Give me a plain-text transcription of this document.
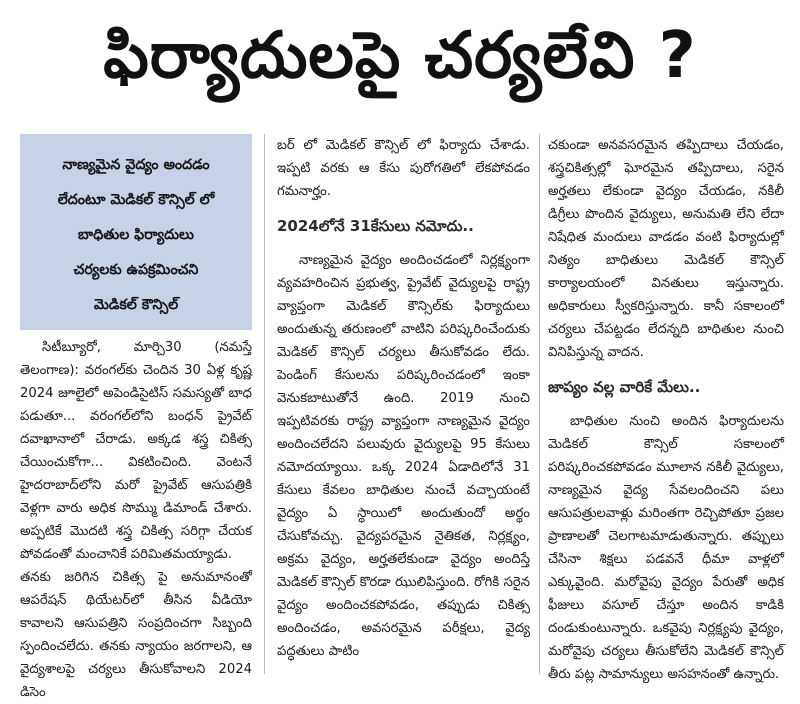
ఫిర్యాదులపై చర్యలేవి ?
నాణ్యమైన వైద్యం అందడం
లేదంటూ మెడికల్ కౌన్సిల్ లో
బాధితుల ఫిర్యాదులు
చర్యలకు ఉపక్రమించని
మెడికల్ కౌన్సిల్

సిటీబ్యూరో, మార్చి30 (నమస్తే తెలంగాణ): వరంగల్‌కు చెందిన 30 ఏళ్ల కృష్ణ 2024 జూలైలో అపెండిసైటిస్ సమస్యతో బాధ పడుతూ... వరంగల్‌లోని బంధన్ ప్రైవేట్ దవాఖానాలో చేరాడు. అక్కడ శస్త్ర చికిత్స చేయించుకోగా... వికటించింది. వెంటనే హైదరాబాద్‌లోని మరో ప్రైవేట్ ఆసుపత్రికి వెళ్లగా వారు అధిక సొమ్ము డిమాండ్ చేశారు. అప్పటికే మొదటి శస్త్ర చికిత్స సరిగ్గా చేయక పోవడంతో మంచానికే పరిమితమయ్యాడు.

తనకు జరిగిన చికిత్స పై అనుమానంతో ఆపరేషన్ థియేటర్‌లో తీసిన వీడియో కావాలని ఆసుపత్రిని సంప్రదించగా సిబ్బంది స్పందించలేదు. తనకు న్యాయం జరగాలని, ఆ వైద్యశాలపై చర్యలు తీసుకోవాలని 2024 డిసెం

బర్ లో మెడికల్ కౌన్సిల్ లో ఫిర్యాదు చేశాడు. ఇప్పటి వరకు ఆ కేసు పురోగతిలో లేకపోవడం గమనార్హం.

2024లోనే 31కేసులు నమోదు..

నాణ్యమైన వైద్యం అందించడంలో నిర్లక్ష్యంగా వ్యవహరించిన ప్రభుత్వ, ప్రైవేట్ వైద్యులపై రాష్ట్ర వ్యాప్తంగా మెడికల్ కౌన్సిల్‌కు ఫిర్యాదులు అందుతున్న తరుణంలో వాటిని పరిష్కరించేందుకు మెడికల్ కౌన్సిల్ చర్యలు తీసుకోవడం లేదు. పెండింగ్ కేసులను పరిష్కరించడంలో ఇంకా వెనుకబాటుతోనే ఉంది. 2019 నుంచి ఇప్పటివరకు రాష్ట్ర వ్యాప్తంగా నాణ్యమైన వైద్యం అందించలేదని పలువురు వైద్యులపై 95 కేసులు నమోదయ్యాయి. ఒక్క 2024 ఏడాదిలోనే 31 కేసులు కేవలం బాధితుల నుంచే వచ్చాయంటే వైద్యం ఏ స్థాయిలో అందుతుందో అర్థం చేసుకోవచ్చు. వైద్యపరమైన నైతికత, నిర్లక్ష్యం, అక్రమ వైద్యం, అర్హతలేకుండా వైద్యం అందిస్తే మెడికల్ కౌన్సిల్ కొరడా ఝులిపిస్తుంది. రోగికి సరైన వైద్యం అందించకపోవడం, తప్పుడు చికిత్స అందించడం, అవసరమైన పరీక్షలు, వైద్య పద్ధతులు పాటిం

చకుండా అనవసరమైన తప్పిదాలు చేయడం, శస్త్రచికిత్సల్లో ఘోరమైన తప్పిదాలు, సరైన అర్హతలు లేకుండా వైద్యం చేయడం, నకిలీ డిగ్రీలు పొందిన వైద్యులు, అనుమతి లేని లేదా నిషేధిత మందులు వాడడం వంటి ఫిర్యాదుల్లో నిత్యం బాధితులు మెడికల్ కౌన్సిల్ కార్యాలయంలో వినతులు ఇస్తున్నారు. అధికారులు స్వీకరిస్తున్నారు. కానీ సకాలంలో చర్యలు చేపట్టడం లేదన్నది బాధితుల నుంచి వినిపిస్తున్న వాదన.

జాప్యం వల్ల వారికే మేలు..

బాధితుల నుంచి అందిన ఫిర్యాదులను మెడికల్ కౌన్సిల్ సకాలంలో పరిష్కరించకపోవడం మూలాన నకిలీ వైద్యులు, నాణ్యమైన వైద్య సేవలందించని పలు ఆసుపత్రులవాళ్లు మరింతగా రెచ్చిపోతూ ప్రజల ప్రాణాలతో చెలగాటమాడుతున్నారు. తప్పులు చేసినా శిక్షలు పడవనే ధీమా వాళ్లలో ఎక్కువైంది. మరోవైపు వైద్యం పేరుతో అధిక ఫీజులు వసూల్ చేస్తూ అందిన కాడికి దండుకుంటున్నారు. ఒకవైపు నిర్లక్ష్యపు వైద్యం, మరోవైపు చర్యలు తీసుకోలేని మెడికల్ కౌన్సిల్ తీరు పట్ల సామాన్యులు అసహనంతో ఉన్నారు.
